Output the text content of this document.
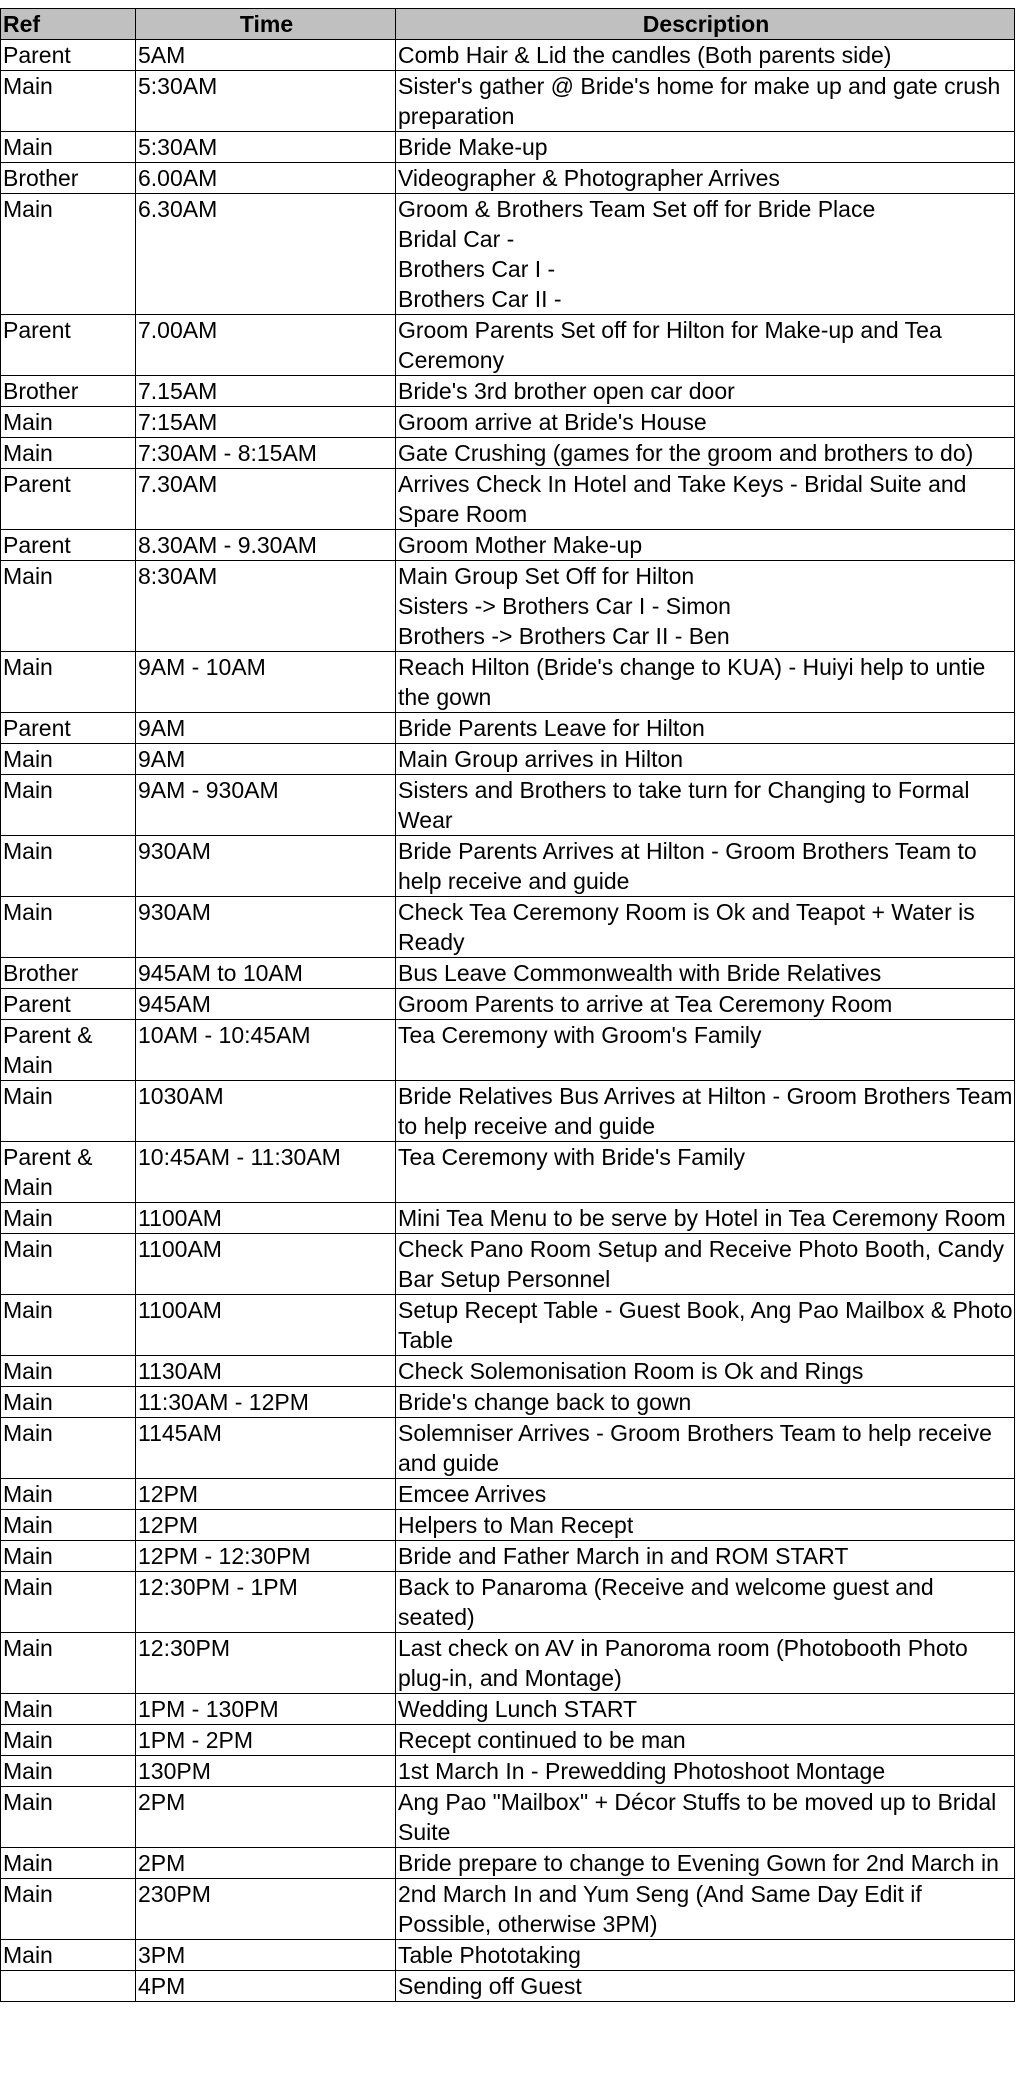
Ref	Time	Description
Parent	5AM	Comb Hair & Lid the candles (Both parents side)
Main	5:30AM	Sister's gather @ Bride's home for make up and gate crush preparation
Main	5:30AM	Bride Make-up
Brother	6.00AM	Videographer & Photographer Arrives
Main	6.30AM	Groom & Brothers Team Set off for Bride Place
Bridal Car -
Brothers Car I -
Brothers Car II -
Parent	7.00AM	Groom Parents Set off for Hilton for Make-up and Tea Ceremony
Brother	7.15AM	Bride's 3rd brother open car door
Main	7:15AM	Groom arrive at Bride's House
Main	7:30AM - 8:15AM	Gate Crushing (games for the groom and brothers to do)
Parent	7.30AM	Arrives Check In Hotel and Take Keys - Bridal Suite and Spare Room
Parent	8.30AM - 9.30AM	Groom Mother Make-up
Main	8:30AM	Main Group Set Off for Hilton
Sisters -> Brothers Car I - Simon
Brothers -> Brothers Car II - Ben
Main	9AM - 10AM	Reach Hilton (Bride's change to KUA) - Huiyi help to untie the gown
Parent	9AM	Bride Parents Leave for Hilton
Main	9AM	Main Group arrives in Hilton
Main	9AM - 930AM	Sisters and Brothers to take turn for Changing to Formal Wear
Main	930AM	Bride Parents Arrives at Hilton - Groom Brothers Team to help receive and guide
Main	930AM	Check Tea Ceremony Room is Ok and Teapot + Water is Ready
Brother	945AM to 10AM	Bus Leave Commonwealth with Bride Relatives
Parent	945AM	Groom Parents to arrive at Tea Ceremony Room
Parent & Main	10AM - 10:45AM	Tea Ceremony with Groom's Family
Main	1030AM	Bride Relatives Bus Arrives at Hilton - Groom Brothers Team to help receive and guide
Parent & Main	10:45AM - 11:30AM	Tea Ceremony with Bride's Family
Main	1100AM	Mini Tea Menu to be serve by Hotel in Tea Ceremony Room
Main	1100AM	Check Pano Room Setup and Receive Photo Booth, Candy Bar Setup Personnel
Main	1100AM	Setup Recept Table - Guest Book, Ang Pao Mailbox & Photo Table
Main	1130AM	Check Solemonisation Room is Ok and Rings
Main	11:30AM - 12PM	Bride's change back to gown
Main	1145AM	Solemniser Arrives - Groom Brothers Team to help receive and guide
Main	12PM	Emcee Arrives
Main	12PM	Helpers to Man Recept
Main	12PM - 12:30PM	Bride and Father March in and ROM START
Main	12:30PM - 1PM	Back to Panaroma (Receive and welcome guest and seated)
Main	12:30PM	Last check on AV in Panoroma room (Photobooth Photo plug-in, and Montage)
Main	1PM - 130PM	Wedding Lunch START
Main	1PM - 2PM	Recept continued to be man
Main	130PM	1st March In - Prewedding Photoshoot Montage
Main	2PM	Ang Pao "Mailbox" + Décor Stuffs to be moved up to Bridal Suite
Main	2PM	Bride prepare to change to Evening Gown for 2nd March in
Main	230PM	2nd March In and Yum Seng (And Same Day Edit if Possible, otherwise 3PM)
Main	3PM	Table Phototaking
	4PM	Sending off Guest
